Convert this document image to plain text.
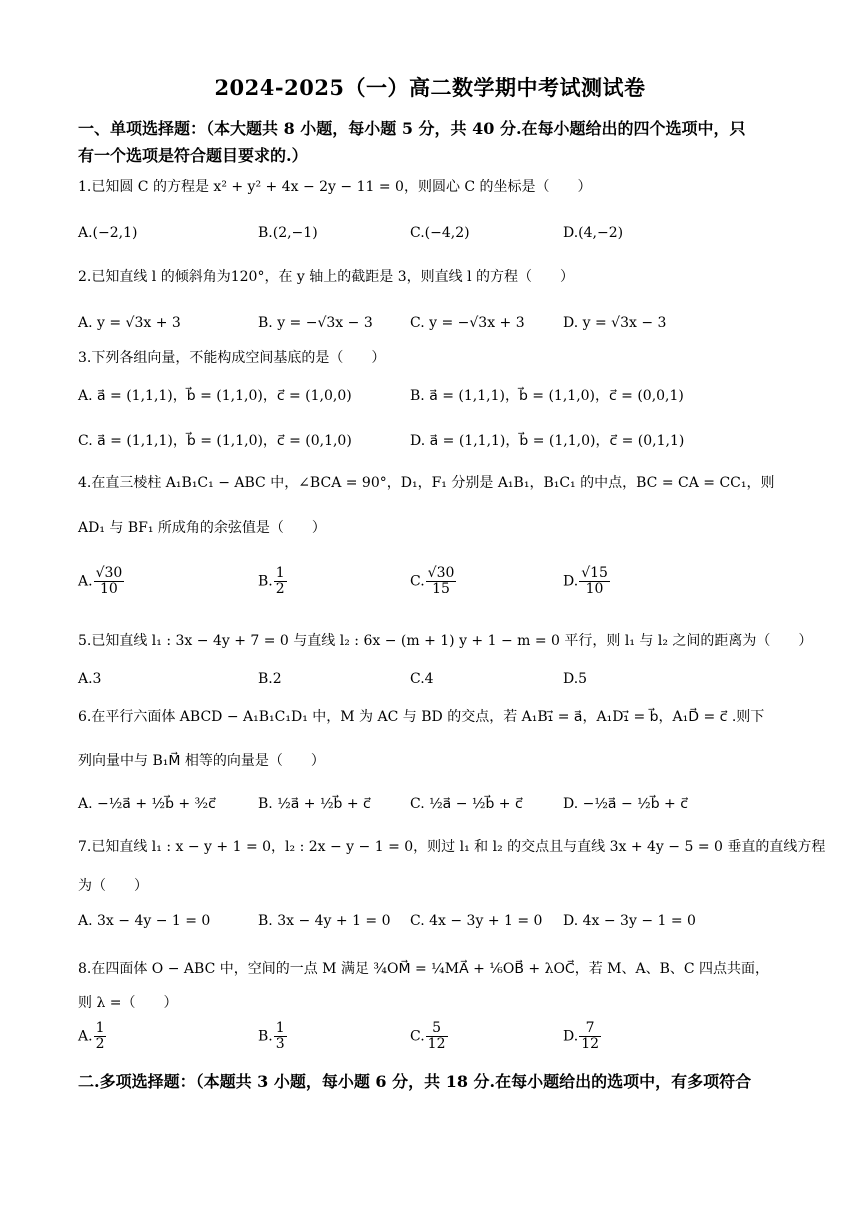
2024-2025（一）高二数学期中考试测试卷
一、单项选择题：（本大题共 8 小题，每小题 5 分，共 40 分.在每小题给出的四个选项中，只
有一个选项是符合题目要求的.）
1.已知圆 C 的方程是 x² + y² + 4x − 2y − 11 = 0，则圆心 C 的坐标是（　　）
A.(−2,1)	B.(2,−1)	C.(−4,2)	D.(4,−2)
2.已知直线 l 的倾斜角为120°，在 y 轴上的截距是 3，则直线 l 的方程（　　）
A. y = √3x + 3	B. y = −√3x − 3	C. y = −√3x + 3	D. y = √3x − 3
3.下列各组向量，不能构成空间基底的是（　　）
A. a⃗ = (1,1,1)，b⃗ = (1,1,0)，c⃗ = (1,0,0)	B. a⃗ = (1,1,1)，b⃗ = (1,1,0)，c⃗ = (0,0,1)
C. a⃗ = (1,1,1)，b⃗ = (1,1,0)，c⃗ = (0,1,0)	D. a⃗ = (1,1,1)，b⃗ = (1,1,0)，c⃗ = (0,1,1)
4.在直三棱柱 A₁B₁C₁ − ABC 中，∠BCA = 90°，D₁，F₁ 分别是 A₁B₁，B₁C₁ 的中点，BC = CA = CC₁，则
AD₁ 与 BF₁ 所成角的余弦值是（　　）
A. $\frac{√30}{10}$	B. $\frac{1}{2}$	C. $\frac{√30}{15}$	D. $\frac{√15}{10}$
5.已知直线 l₁ : 3x − 4y + 7 = 0 与直线 l₂ : 6x − (m + 1) y + 1 − m = 0 平行，则 l₁ 与 l₂ 之间的距离为（　　）
A.3	B.2	C.4	D.5
6.在平行六面体 ABCD − A₁B₁C₁D₁ 中，M 为 AC 与 BD 的交点，若 A₁B₁⃗ = a⃗，A₁D₁⃗ = b⃗，A₁D⃗ = c⃗ .则下
列向量中与 B₁M⃗ 相等的向量是（　　）
A. −½a⃗ + ½b⃗ + ³⁄₂c⃗	B. ½a⃗ + ½b⃗ + c⃗	C. ½a⃗ − ½b⃗ + c⃗	D. −½a⃗ − ½b⃗ + c⃗
7.已知直线 l₁ : x − y + 1 = 0，l₂ : 2x − y − 1 = 0，则过 l₁ 和 l₂ 的交点且与直线 3x + 4y − 5 = 0 垂直的直线方程
为（　　）
A. 3x − 4y − 1 = 0	B. 3x − 4y + 1 = 0 C. 4x − 3y + 1 = 0 D. 4x − 3y − 1 = 0
8.在四面体 O − ABC 中，空间的一点 M 满足 ¾OM⃗ = ¼MA⃗ + ⅙OB⃗ + λOC⃗，若 M、A、B、C 四点共面，
则 λ =（　　）
A. $\frac{1}{2}$	B. $\frac{1}{3}$	C. $\frac{5}{12}$	D. $\frac{7}{12}$
二.多项选择题：（本题共 3 小题，每小题 6 分，共 18 分.在每小题给出的选项中，有多项符合
